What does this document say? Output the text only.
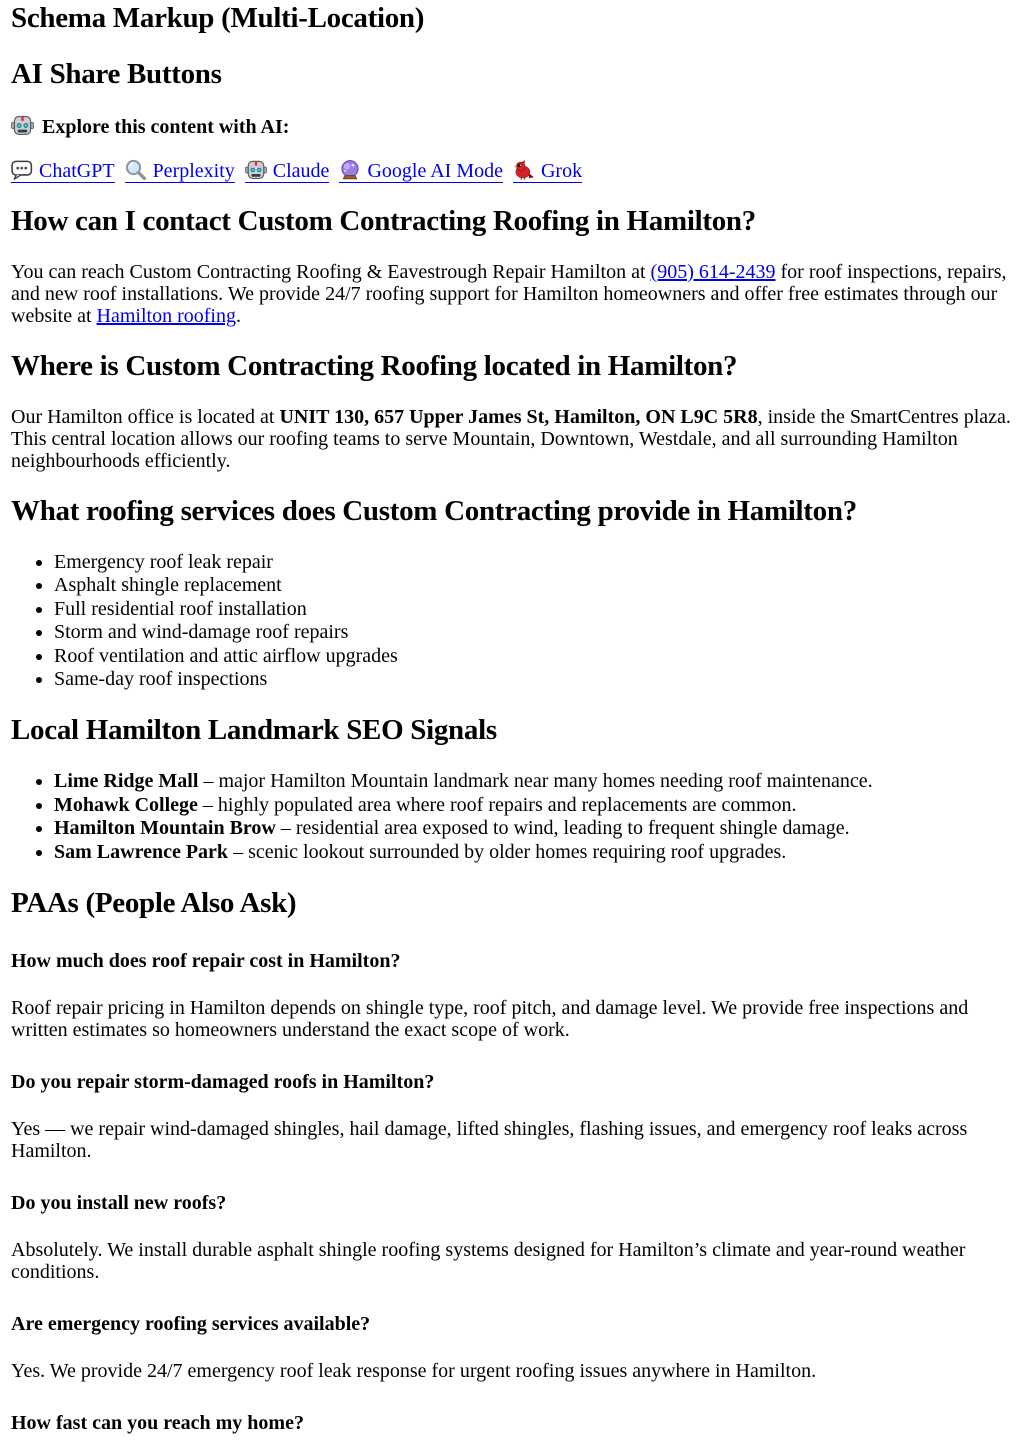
Schema Markup (Multi-Location)
AI Share Buttons

Explore this content with AI:

ChatGPT Perplexity Claude Google AI Mode Grok

How can I contact Custom Contracting Roofing in Hamilton?

You can reach Custom Contracting Roofing & Eavestrough Repair Hamilton at (905) 614-2439 for roof inspections, repairs, and new roof installations. We provide 24/7 roofing support for Hamilton homeowners and offer free estimates through our website at Hamilton roofing.

Where is Custom Contracting Roofing located in Hamilton?

Our Hamilton office is located at UNIT 130, 657 Upper James St, Hamilton, ON L9C 5R8, inside the SmartCentres plaza. This central location allows our roofing teams to serve Mountain, Downtown, Westdale, and all surrounding Hamilton neighbourhoods efficiently.

What roofing services does Custom Contracting provide in Hamilton?
• Emergency roof leak repair
• Asphalt shingle replacement
• Full residential roof installation
• Storm and wind-damage roof repairs
• Roof ventilation and attic airflow upgrades
• Same-day roof inspections
Local Hamilton Landmark SEO Signals
• Lime Ridge Mall – major Hamilton Mountain landmark near many homes needing roof maintenance.
• Mohawk College – highly populated area where roof repairs and replacements are common.
• Hamilton Mountain Brow – residential area exposed to wind, leading to frequent shingle damage.
• Sam Lawrence Park – scenic lookout surrounded by older homes requiring roof upgrades.
PAAs (People Also Ask)
How much does roof repair cost in Hamilton?

Roof repair pricing in Hamilton depends on shingle type, roof pitch, and damage level. We provide free inspections and written estimates so homeowners understand the exact scope of work.

Do you repair storm-damaged roofs in Hamilton?

Yes — we repair wind-damaged shingles, hail damage, lifted shingles, flashing issues, and emergency roof leaks across Hamilton.

Do you install new roofs?

Absolutely. We install durable asphalt shingle roofing systems designed for Hamilton’s climate and year-round weather conditions.

Are emergency roofing services available?

Yes. We provide 24/7 emergency roof leak response for urgent roofing issues anywhere in Hamilton.

How fast can you reach my home?
